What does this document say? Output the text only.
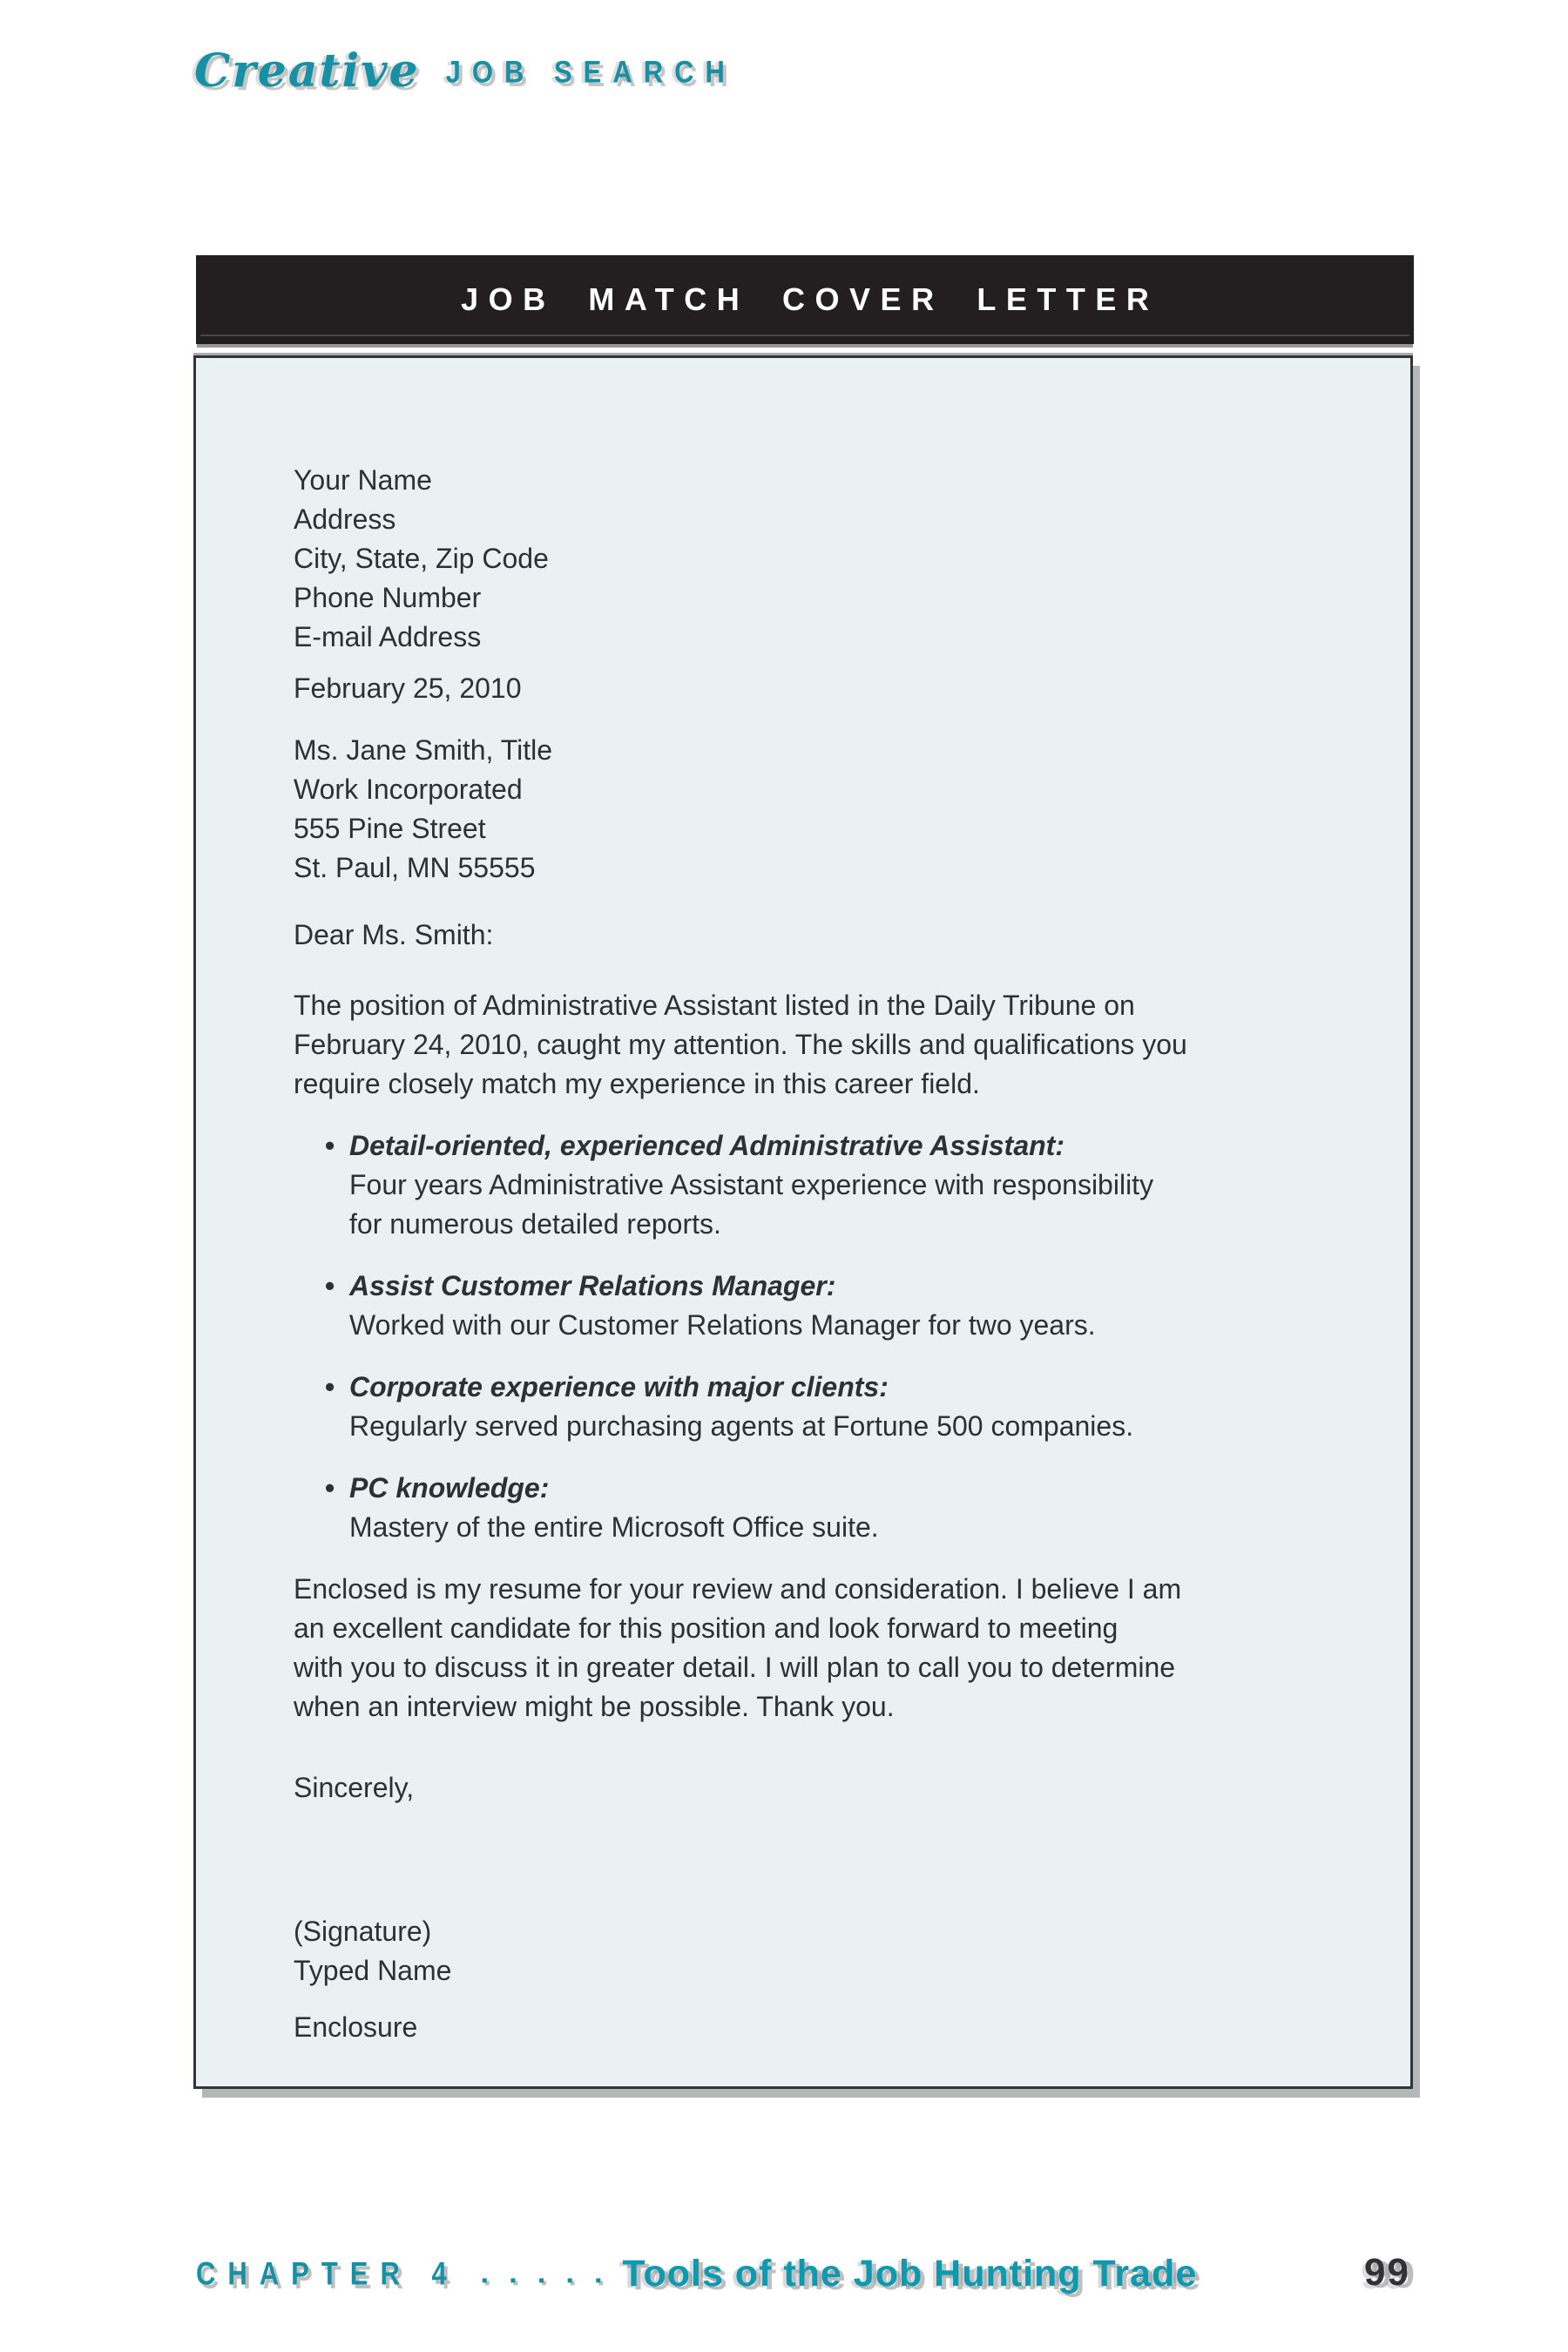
Creative JOB SEARCH
JOB MATCH COVER LETTER
Your Name
Address
City, State, Zip Code
Phone Number
E-mail Address
February 25, 2010
Ms. Jane Smith, Title
Work Incorporated
555 Pine Street
St. Paul, MN 55555
Dear Ms. Smith:
The position of Administrative Assistant listed in the Daily Tribune on
February 24, 2010, caught my attention. The skills and qualifications you
require closely match my experience in this career field.
• Detail-oriented, experienced Administrative Assistant:
Four years Administrative Assistant experience with responsibility
for numerous detailed reports.
• Assist Customer Relations Manager:
Worked with our Customer Relations Manager for two years.
• Corporate experience with major clients:
Regularly served purchasing agents at Fortune 500 companies.
• PC knowledge:
Mastery of the entire Microsoft Office suite.
Enclosed is my resume for your review and consideration. I believe I am
an excellent candidate for this position and look forward to meeting
with you to discuss it in greater detail. I will plan to call you to determine
when an interview might be possible. Thank you.
Sincerely,
(Signature)
Typed Name
Enclosure
CHAPTER 4 ▪ ▪ ▪ ▪ ▪ Tools of the Job Hunting Trade	99
